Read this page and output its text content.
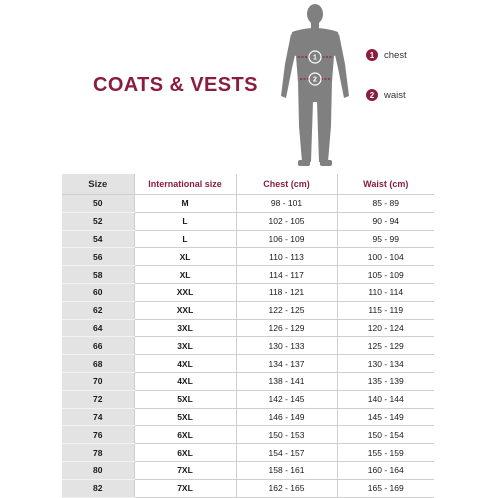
COATS & VESTS
1
2
1	chest
2	waist
Size	International size	Chest (cm)	Waist (cm)
50	M	98 - 101	85 - 89
52	L	102 - 105	90 - 94
54	L	106 - 109	95 - 99
56	XL	110 - 113	100 - 104
58	XL	114 - 117	105 - 109
60	XXL	118 - 121	110 - 114
62	XXL	122 - 125	115 - 119
64	3XL	126 - 129	120 - 124
66	3XL	130 - 133	125 - 129
68	4XL	134 - 137	130 - 134
70	4XL	138 - 141	135 - 139
72	5XL	142 - 145	140 - 144
74	5XL	146 - 149	145 - 149
76	6XL	150 - 153	150 - 154
78	6XL	154 - 157	155 - 159
80	7XL	158 - 161	160 - 164
82	7XL	162 - 165	165 - 169
